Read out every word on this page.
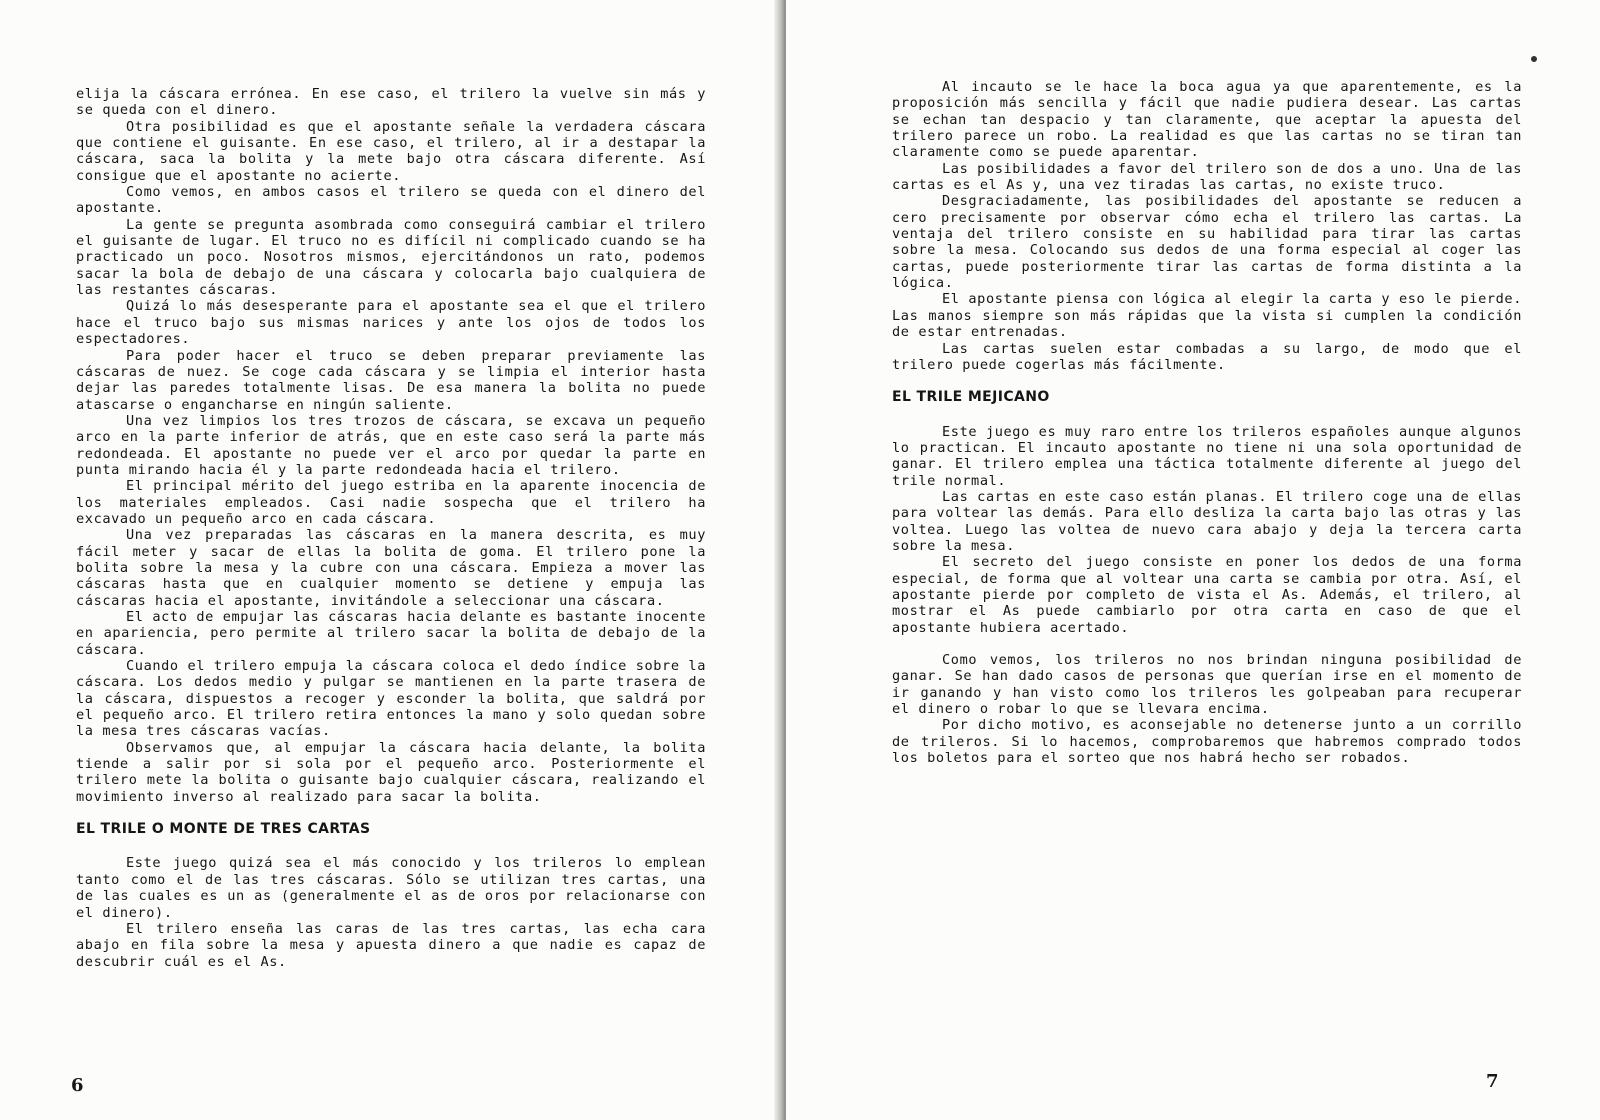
elija la cáscara errónea. En ese caso, el trilero la vuelve sin más y se queda con el dinero.

Otra posibilidad es que el apostante señale la verdadera cáscara que contiene el guisante. En ese caso, el trilero, al ir a destapar la cáscara, saca la bolita y la mete bajo otra cáscara diferente. Así consigue que el apostante no acierte.

Como vemos, en ambos casos el trilero se queda con el dinero del apostante.

La gente se pregunta asombrada como conseguirá cambiar el trilero el guisante de lugar. El truco no es difícil ni complicado cuando se ha practicado un poco. Nosotros mismos, ejercitándonos un rato, podemos sacar la bola de debajo de una cáscara y colocarla bajo cualquiera de las restantes cáscaras.

Quizá lo más desesperante para el apostante sea el que el trilero hace el truco bajo sus mismas narices y ante los ojos de todos los espectadores.

Para poder hacer el truco se deben preparar previamente las cáscaras de nuez. Se coge cada cáscara y se limpia el interior hasta dejar las paredes totalmente lisas. De esa manera la bolita no puede atascarse o engancharse en ningún saliente.

Una vez limpios los tres trozos de cáscara, se excava un pequeño arco en la parte inferior de atrás, que en este caso será la parte más redondeada. El apostante no puede ver el arco por quedar la parte en punta mirando hacia él y la parte redondeada hacia el trilero.

El principal mérito del juego estriba en la aparente inocencia de los materiales empleados. Casi nadie sospecha que el trilero ha excavado un pequeño arco en cada cáscara.

Una vez preparadas las cáscaras en la manera descrita, es muy fácil meter y sacar de ellas la bolita de goma. El trilero pone la bolita sobre la mesa y la cubre con una cáscara. Empieza a mover las cáscaras hasta que en cualquier momento se detiene y empuja las cáscaras hacia el apostante, invitándole a seleccionar una cáscara.

El acto de empujar las cáscaras hacia delante es bastante inocente en apariencia, pero permite al trilero sacar la bolita de debajo de la cáscara.

Cuando el trilero empuja la cáscara coloca el dedo índice sobre la cáscara. Los dedos medio y pulgar se mantienen en la parte trasera de la cáscara, dispuestos a recoger y esconder la bolita, que saldrá por el pequeño arco. El trilero retira entonces la mano y solo quedan sobre la mesa tres cáscaras vacías.

Observamos que, al empujar la cáscara hacia delante, la bolita tiende a salir por si sola por el pequeño arco. Posteriormente el trilero mete la bolita o guisante bajo cualquier cáscara, realizando el movimiento inverso al realizado para sacar la bolita.

EL TRILE O MONTE DE TRES CARTAS

Este juego quizá sea el más conocido y los trileros lo emplean tanto como el de las tres cáscaras. Sólo se utilizan tres cartas, una de las cuales es un as (generalmente el as de oros por relacionarse con el dinero).

El trilero enseña las caras de las tres cartas, las echa cara abajo en fila sobre la mesa y apuesta dinero a que nadie es capaz de descubrir cuál es el As.

6

Al incauto se le hace la boca agua ya que aparentemente, es la proposición más sencilla y fácil que nadie pudiera desear. Las cartas se echan tan despacio y tan claramente, que aceptar la apuesta del trilero parece un robo. La realidad es que las cartas no se tiran tan claramente como se puede aparentar.

Las posibilidades a favor del trilero son de dos a uno. Una de las cartas es el As y, una vez tiradas las cartas, no existe truco.

Desgraciadamente, las posibilidades del apostante se reducen a cero precisamente por observar cómo echa el trilero las cartas. La ventaja del trilero consiste en su habilidad para tirar las cartas sobre la mesa. Colocando sus dedos de una forma especial al coger las cartas, puede posteriormente tirar las cartas de forma distinta a la lógica.

El apostante piensa con lógica al elegir la carta y eso le pierde. Las manos siempre son más rápidas que la vista si cumplen la condición de estar entrenadas.

Las cartas suelen estar combadas a su largo, de modo que el trilero puede cogerlas más fácilmente.

EL TRILE MEJICANO

Este juego es muy raro entre los trileros españoles aunque algunos lo practican. El incauto apostante no tiene ni una sola oportunidad de ganar. El trilero emplea una táctica totalmente diferente al juego del trile normal.

Las cartas en este caso están planas. El trilero coge una de ellas para voltear las demás. Para ello desliza la carta bajo las otras y las voltea. Luego las voltea de nuevo cara abajo y deja la tercera carta sobre la mesa.

El secreto del juego consiste en poner los dedos de una forma especial, de forma que al voltear una carta se cambia por otra. Así, el apostante pierde por completo de vista el As. Además, el trilero, al mostrar el As puede cambiarlo por otra carta en caso de que el apostante hubiera acertado.

Como vemos, los trileros no nos brindan ninguna posibilidad de ganar. Se han dado casos de personas que querían irse en el momento de ir ganando y han visto como los trileros les golpeaban para recuperar el dinero o robar lo que se llevara encima.

Por dicho motivo, es aconsejable no detenerse junto a un corrillo de trileros. Si lo hacemos, comprobaremos que habremos comprado todos los boletos para el sorteo que nos habrá hecho ser robados.

7
